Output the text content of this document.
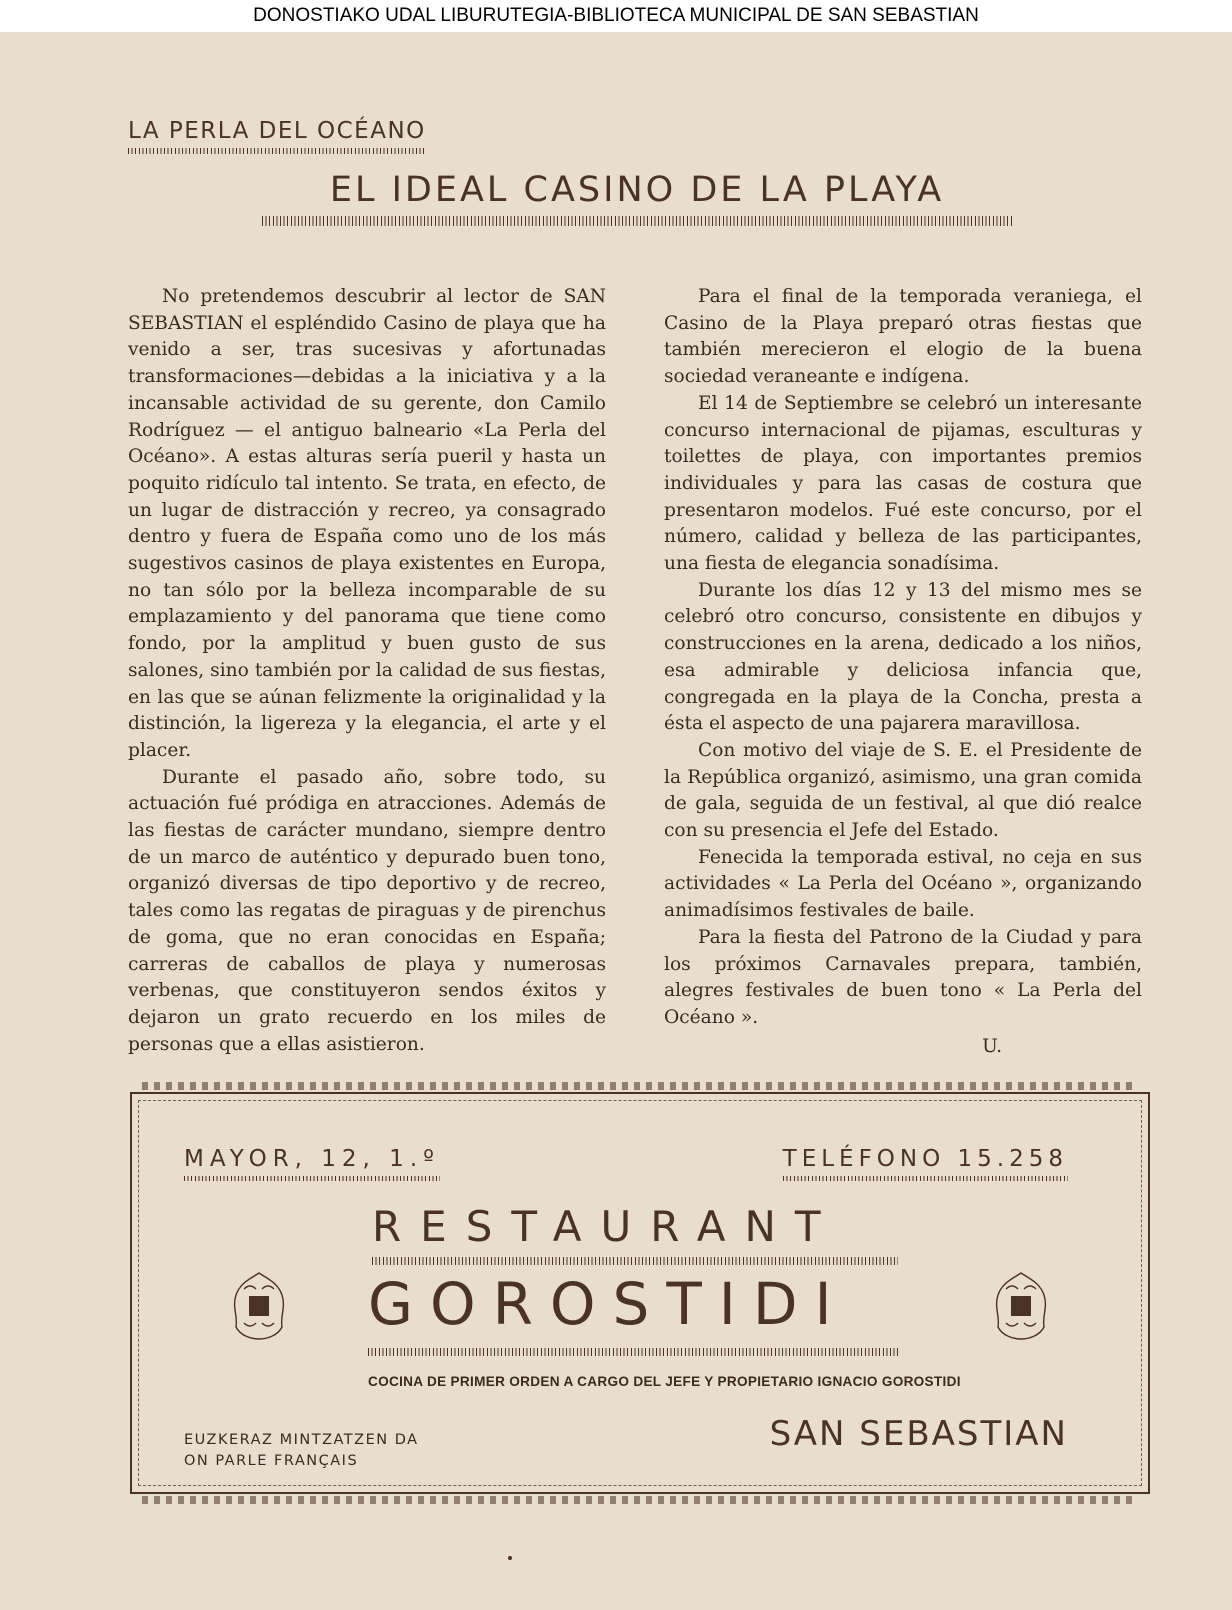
DONOSTIAKO UDAL LIBURUTEGIA-BIBLIOTECA MUNICIPAL DE SAN SEBASTIAN
LA PERLA DEL OCÉANO
EL IDEAL CASINO DE LA PLAYA

No pretendemos descubrir al lector de SAN SEBASTIAN el espléndido Casino de playa que ha venido a ser, tras sucesivas y afortunadas transformaciones—debidas a la iniciativa y a la incansable actividad de su gerente, don Camilo Rodríguez — el antiguo balneario «La Perla del Océano». A estas alturas sería pueril y hasta un poquito ridículo tal intento. Se trata, en efecto, de un lugar de distracción y recreo, ya consagrado dentro y fuera de España como uno de los más sugestivos casinos de playa existentes en Europa, no tan sólo por la belleza incomparable de su emplazamiento y del panorama que tiene como fondo, por la amplitud y buen gusto de sus salones, sino también por la calidad de sus fiestas, en las que se aúnan felizmente la originalidad y la distinción, la ligereza y la elegancia, el arte y el placer.

Durante el pasado año, sobre todo, su actuación fué pródiga en atracciones. Además de las fiestas de carácter mundano, siempre dentro de un marco de auténtico y depurado buen tono, organizó diversas de tipo deportivo y de recreo, tales como las regatas de piraguas y de pirenchus de goma, que no eran conocidas en España; carreras de caballos de playa y numerosas verbenas, que constituyeron sendos éxitos y dejaron un grato recuerdo en los miles de personas que a ellas asistieron.

Para el final de la temporada veraniega, el Casino de la Playa preparó otras fiestas que también merecieron el elogio de la buena sociedad veraneante e indígena.

El 14 de Septiembre se celebró un interesante concurso internacional de pijamas, esculturas y toilettes de playa, con importantes premios individuales y para las casas de costura que presentaron modelos. Fué este concurso, por el número, calidad y belleza de las participantes, una fiesta de elegancia sonadísima.

Durante los días 12 y 13 del mismo mes se celebró otro concurso, consistente en dibujos y construcciones en la arena, dedicado a los niños, esa admirable y deliciosa infancia que, congregada en la playa de la Concha, presta a ésta el aspecto de una pajarera maravillosa.

Con motivo del viaje de S. E. el Presidente de la República organizó, asimismo, una gran comida de gala, seguida de un festival, al que dió realce con su presencia el Jefe del Estado.

Fenecida la temporada estival, no ceja en sus actividades « La Perla del Océano », organizando animadísimos festivales de baile.

Para la fiesta del Patrono de la Ciudad y para los próximos Carnavales prepara, también, alegres festivales de buen tono « La Perla del Océano ».

U.
MAYOR, 12, 1.º	TELÉFONO 15.258
RESTAURANT
GOROSTIDI
COCINA DE PRIMER ORDEN A CARGO DEL JEFE Y PROPIETARIO IGNACIO GOROSTIDI
EUZKERAZ MINTZATZEN DA
ON PARLE FRANÇAIS
SAN SEBASTIAN
